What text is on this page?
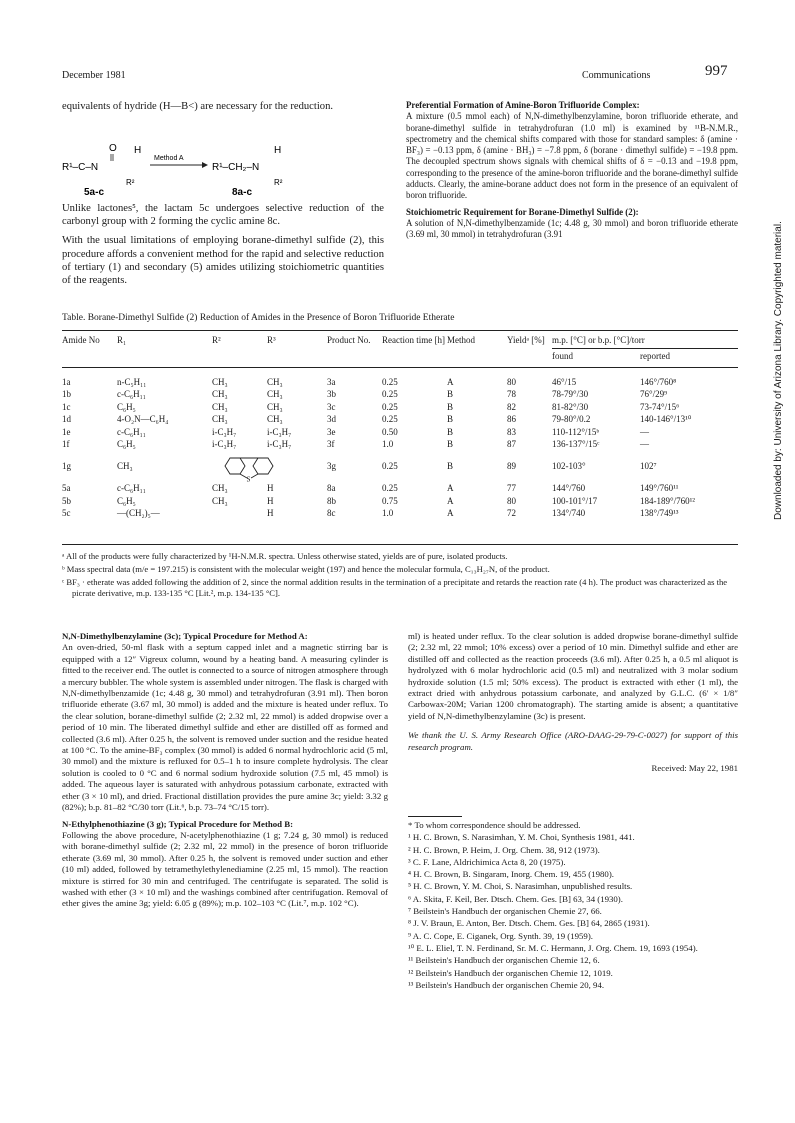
December 1981	Communications	997

equivalents of hydride (H—B<) are necessary for the reduction.

O H
R¹–C–N
R²
Method A
H
R¹–CH₂–N
R²
5a-c	8a-c

Unlike lactones⁵, the lactam 5c undergoes selective reduction of the carbonyl group with 2 forming the cyclic amine 8c.

With the usual limitations of employing borane-dimethyl sulfide (2), this procedure affords a convenient method for the rapid and selective reduction of tertiary (1) and secondary (5) amides utilizing stoichiometric quantities of the reagents.

Preferential Formation of Amine-Boron Trifluoride Complex:

A mixture (0.5 mmol each) of N,N-dimethylbenzylamine, boron trifluoride etherate, and borane-dimethyl sulfide in tetrahydrofuran (1.0 ml) is examined by ¹¹B-N.M.R., spectrometry and the chemical shifts compared with those for standard samples: δ (amine · BF₃) = −0.13 ppm, δ (amine · BH₃) = −7.8 ppm, δ (borane · dimethyl sulfide) = −19.8 ppm. The decoupled spectrum shows signals with chemical shifts of δ = −0.13 and −19.8 ppm, corresponding to the presence of the amine-boron trifluoride and the borane-dimethyl sulfide adducts. Clearly, the amine-borane adduct does not form in the presence of an equivalent of boron trifluoride.

Stoichiometric Requirement for Borane-Dimethyl Sulfide (2):

A solution of N,N-dimethylbenzamide (1c; 4.48 g, 30 mmol) and boron trifluoride etherate (3.69 ml, 30 mmol) in tetrahydrofuran (3.91

Table. Borane-Dimethyl Sulfide (2) Reduction of Amides in the Presence of Boron Trifluoride Etherate
Amide No	R₁	R²	R³	Product No.	Reaction time [h]	Method	Yieldᵃ [%]	m.p. [°C] or b.p. [°C]/torr
found reported	

1a	n-C₅H₁₁	CH₃	CH₃	3a	0.25	A	80	46°/15	146°/760⁸
1b	c-C₆H₁₁	CH₃	CH₃	3b	0.25	B	78	78-79°/30	76°/29⁹
1c	C₆H₅	CH₃	CH₃	3c	0.25	B	82	81-82°/30	73-74°/15⁶
1d	4-O₂N—C₆H₄	CH₃	CH₃	3d	0.25	B	86	79-80°/0.2	140-146°/13¹⁰
1e	c-C₆H₁₁	i-C₃H₇	i-C₃H₇	3e	0.50	B	83	110-112°/15ᵇ	—
1f	C₆H₅	i-C₃H₇	i-C₃H₇	3f	1.0	B	87	136-137°/15ᶜ	—
1g	CH₃	S		3g	0.25	B	89	102-103°	102⁷
5a	c-C₆H₁₁	CH₃	H	8a	0.25	A	77	144°/760	149°/760¹¹
5b	C₆H₅	CH₃	H	8b	0.75	A	80	100-101°/17	184-189°/760¹²
5c	—(CH₂)₅—		H	8c	1.0	A	72	134°/740	138°/749¹³

ᵃ All of the products were fully characterized by ¹H-N.M.R. spectra. Unless otherwise stated, yields are of pure, isolated products.

ᵇ Mass spectral data (m/e = 197.215) is consistent with the molecular weight (197) and hence the molecular formula, C₁₃H₂₇N, of the product.

ᶜ BF₃ · etherate was added following the addition of 2, since the normal addition results in the termination of a precipitate and retards the reaction rate (4 h). The product was characterized as the picrate derivative, m.p. 133-135 °C [Lit.², m.p. 134-135 °C].

N,N-Dimethylbenzylamine (3c); Typical Procedure for Method A:

An oven-dried, 50-ml flask with a septum capped inlet and a magnetic stirring bar is equipped with a 12″ Vigreux column, wound by a heating band. A measuring cylinder is fitted to the receiver end. The outlet is connected to a source of nitrogen atmosphere through a mercury bubbler. The whole system is assembled under nitrogen. The flask is charged with N,N-dimethylbenzamide (1c; 4.48 g, 30 mmol) and tetrahydrofuran (3.91 ml). Then boron trifluoride etherate (3.67 ml, 30 mmol) is added and the mixture is heated under reflux. To the clear solution, borane-dimethyl sulfide (2; 2.32 ml, 22 mmol) is added dropwise over a period of 10 min. The liberated dimethyl sulfide and ether are distilled off as formed and collected (3.6 ml). After 0.25 h, the solvent is removed under suction and the residue heated at 100 °C. To the amine-BF₃ complex (30 mmol) is added 6 normal hydrochloric acid (5 ml, 30 mmol) and the mixture is refluxed for 0.5–1 h to insure complete hydrolysis. The clear solution is cooled to 0 °C and 6 normal sodium hydroxide solution (7.5 ml, 45 mmol) is added. The aqueous layer is saturated with anhydrous potassium carbonate, extracted with ether (3 × 10 ml), and dried. Fractional distillation provides the pure amine 3c; yield: 3.32 g (82%); b.p. 81–82 °C/30 torr (Lit.⁶, b.p. 73–74 °C/15 torr).

N-Ethylphenothiazine (3 g); Typical Procedure for Method B:

Following the above procedure, N-acetylphenothiazine (1 g; 7.24 g, 30 mmol) is reduced with borane-dimethyl sulfide (2; 2.32 ml, 22 mmol) in the presence of boron trifluoride etherate (3.69 ml, 30 mmol). After 0.25 h, the solvent is removed under suction and ether (10 ml) added, followed by tetramethylethylenediamine (2.25 ml, 15 mmol). The reaction mixture is stirred for 30 min and centrifuged. The centrifugate is separated. The solid is washed with ether (3 × 10 ml) and the washings combined after centrifugation. Removal of ether gives the amine 3g; yield: 6.05 g (89%); m.p. 102–103 °C (Lit.⁷, m.p. 102 °C).

ml) is heated under reflux. To the clear solution is added dropwise borane-dimethyl sulfide (2; 2.32 ml, 22 mmol; 10% excess) over a period of 10 min. Dimethyl sulfide and ether are distilled off and collected as the reaction proceeds (3.6 ml). After 0.25 h, a 0.5 ml aliquot is hydrolyzed with 6 molar hydrochloric acid (0.5 ml) and neutralized with 3 molar sodium hydroxide solution (1.5 ml; 50% excess). The product is extracted with ether (1 ml), the extract dried with anhydrous potassium carbonate, and analyzed by G.L.C. (6′ × 1/8″ Carbowax-20M; Varian 1200 chromatograph). The starting amide is absent; a quantitative yield of N,N-dimethylbenzylamine (3c) is present.

We thank the U. S. Army Research Office (ARO-DAAG-29-79-C-0027) for support of this research program.

Received: May 22, 1981

* To whom correspondence should be addressed.

¹ H. C. Brown, S. Narasimhan, Y. M. Choi, Synthesis 1981, 441.

² H. C. Brown, P. Heim, J. Org. Chem. 38, 912 (1973).

³ C. F. Lane, Aldrichimica Acta 8, 20 (1975).

⁴ H. C. Brown, B. Singaram, Inorg. Chem. 19, 455 (1980).

⁵ H. C. Brown, Y. M. Choi, S. Narasimhan, unpublished results.

⁶ A. Skita, F. Keil, Ber. Dtsch. Chem. Ges. [B] 63, 34 (1930).

⁷ Beilstein's Handbuch der organischen Chemie 27, 66.

⁸ J. V. Braun, E. Anton, Ber. Dtsch. Chem. Ges. [B] 64, 2865 (1931).

⁹ A. C. Cope, E. Ciganek, Org. Synth. 39, 19 (1959).

¹⁰ E. L. Eliel, T. N. Ferdinand, Sr. M. C. Hermann, J. Org. Chem. 19, 1693 (1954).

¹¹ Beilstein's Handbuch der organischen Chemie 12, 6.

¹² Beilstein's Handbuch der organischen Chemie 12, 1019.

¹³ Beilstein's Handbuch der organischen Chemie 20, 94.

Downloaded by: University of Arizona Library. Copyrighted material.
